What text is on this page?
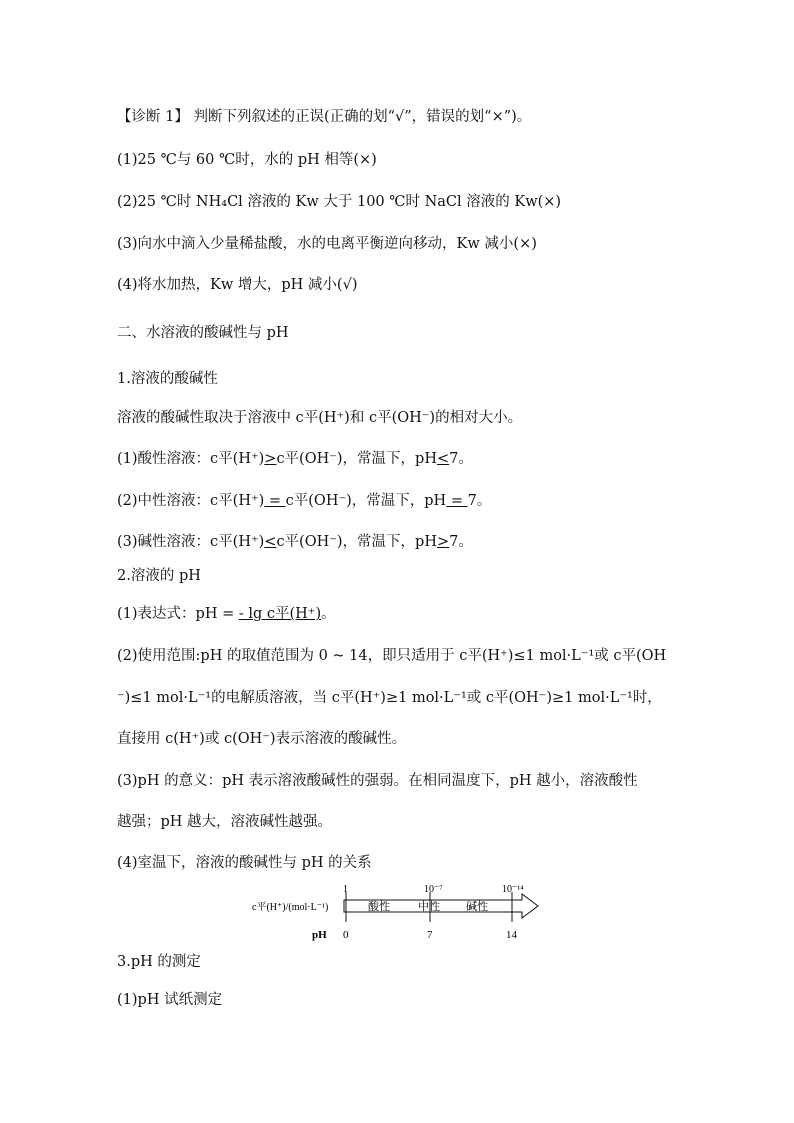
【诊断 1】 判断下列叙述的正误(正确的划“√”，错误的划“×”)。
(1)25 ℃与 60 ℃时，水的 pH 相等(×)
(2)25 ℃时 NH₄Cl 溶液的 Kw 大于 100 ℃时 NaCl 溶液的 Kw(×)
(3)向水中滴入少量稀盐酸，水的电离平衡逆向移动，Kw 减小(×)
(4)将水加热，Kw 增大，pH 减小(√)
二、水溶液的酸碱性与 pH
1.溶液的酸碱性
溶液的酸碱性取决于溶液中 c平(H⁺)和 c平(OH⁻)的相对大小。
(1)酸性溶液：c平(H⁺)>c平(OH⁻)，常温下，pH<7。
(2)中性溶液：c平(H⁺) = c平(OH⁻)，常温下，pH = 7。
(3)碱性溶液：c平(H⁺)<c平(OH⁻)，常温下，pH>7。
2.溶液的 pH
(1)表达式：pH = - lg c平(H⁺)。
(2)使用范围:pH 的取值范围为 0 ~ 14，即只适用于 c平(H⁺)≤1 mol·L⁻¹或 c平(OH
⁻)≤1 mol·L⁻¹的电解质溶液，当 c平(H⁺)≥1 mol·L⁻¹或 c平(OH⁻)≥1 mol·L⁻¹时，
直接用 c(H⁺)或 c(OH⁻)表示溶液的酸碱性。
(3)pH 的意义：pH 表示溶液酸碱性的强弱。在相同温度下，pH 越小，溶液酸性
越强；pH 越大，溶液碱性越强。
(4)室温下，溶液的酸碱性与 pH 的关系
c平(H⁺)/(mol·L⁻¹)
pH
1	10⁻⁷	10⁻¹⁴
0	7	14
酸性	中性 碱性
3.pH 的测定
(1)pH 试纸测定
